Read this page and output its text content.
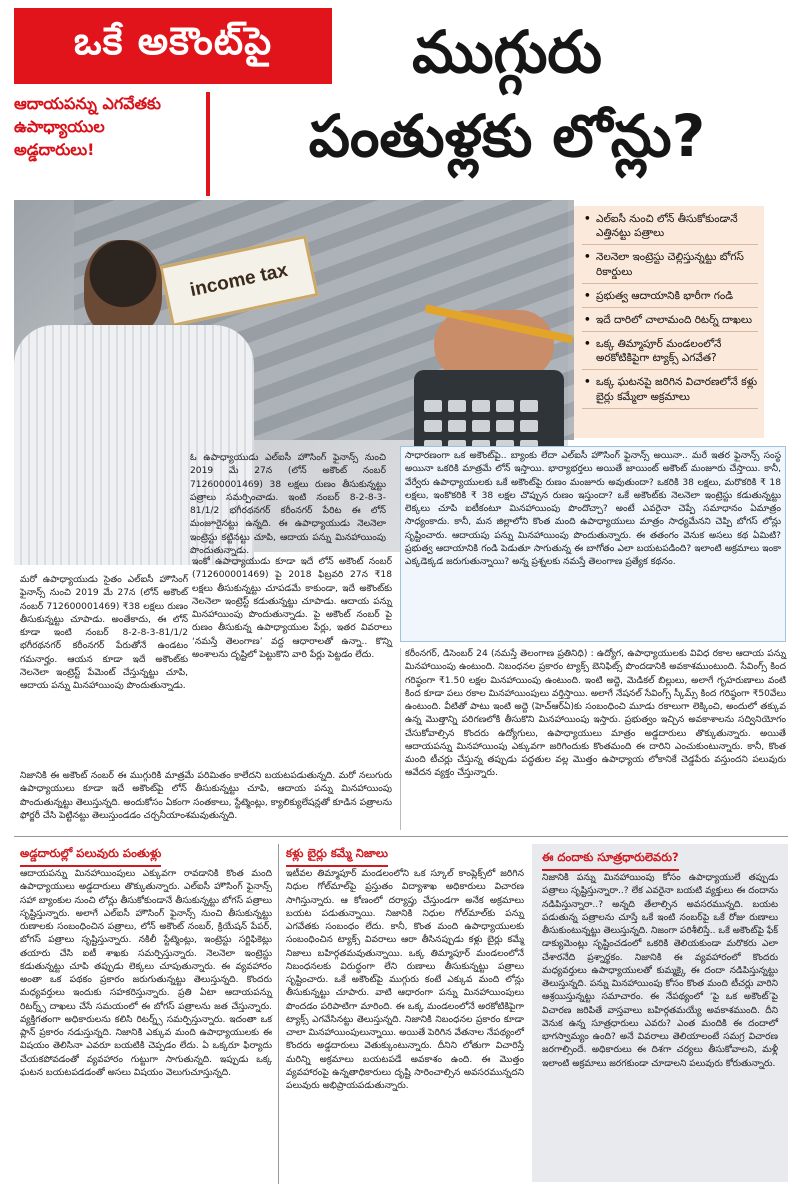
ఒకే అకౌంట్‌పై
ఆదాయపన్ను ఎగవేతకు
ఉపాధ్యాయుల
అడ్డదారులు!
ముగ్గురు
పంతుళ్లకు లోన్లు?
income tax
• ఎల్ఐసీ నుంచి లోన్ తీసుకోకుండానే ఎత్తినట్టు పత్రాలు
• నెలనెలా ఇంట్రెస్టు చెల్లిస్తున్నట్టు బోగస్ రికార్డులు
• ప్రభుత్వ ఆదాయానికి భారీగా గండి
• ఇదే దారిలో చాలామంది రిటర్న్ దాఖలు
• ఒక్క తిమ్మాపూర్ మండలంలోనే అరకోటికిపైగా ట్యాక్స్ ఎగవేత?
• ఒక్క ఘటనపై జరిగిన విచారణలోనే కళ్లు బైర్లు కమ్మేలా అక్రమాలు
ఓ ఉపాధ్యాయుడు ఎల్ఐసీ హౌసింగ్ ఫైనాన్స్ నుంచి 2019 మే 27న (లోన్ అకౌంట్ నంబర్ 712600001469) 38 లక్షలు రుణం తీసుకున్నట్టు పత్రాలు సమర్పించాడు. ఇంటి నంబర్ 8-2-8-3-81/1/2 భగీరథనగర్ కరీంనగర్ పేరిట ఈ లోన్ మంజూరైనట్టు ఉన్నది. ఈ ఉపాధ్యాయుడు నెలనెలా ఇంట్రెస్టు కట్టినట్టు చూపి, ఆదాయ పన్ను మినహాయింపు పొందుతున్నాడు.
మరో ఉపాధ్యాయుడు సైతం ఎల్ఐసీ హౌసింగ్ ఫైనాన్స్ నుంచి 2019 మే 27న (లోన్ అకౌంట్ నంబర్ 712600001469) ₹38 లక్షలు రుణం తీసుకున్నట్టు చూపాడు. అంతేకాదు, ఈ లోన్ కూడా ఇంటి నంబర్ 8-2-8-3-81/1/2 భగీరథనగర్ కరీంనగర్ పేరుతోనే ఉండటం గమనార్హం. ఆయన కూడా ఇదే అకౌంట్‌కు నెలనెలా ఇంట్రెస్ట్ పేమెంట్ చేస్తున్నట్టు చూపి, ఆదాయ పన్ను మినహాయింపు పొందుతున్నాడు.
ఇంకో ఉపాధ్యాయుడు కూడా ఇదే లోన్ అకౌంట్ నంబర్ (712600001469) పై 2018 ఫిబ్రవరి 27న ₹18 లక్షలు తీసుకున్నట్టు చూపడమే కాకుండా, ఇదే అకౌంట్‌కు నెలనెలా ఇంట్రెస్ట్ కడుతున్నట్టు చూపాడు. ఆదాయ పన్ను మినహాయింపు పొందుతున్నాడు. పై అకౌంట్ నంబర్ పై రుణం తీసుకున్న ఉపాధ్యాయుల పేర్లు, ఇతర వివరాలు ‘నమస్తే తెలంగాణ’ వద్ద ఆధారాలతో ఉన్నా.. కొన్ని అంశాలను దృష్టిలో పెట్టుకొని వారి పేర్లు పెట్టడం లేదు.
నిజానికి ఈ అకౌంట్ నంబర్ ఈ ముగ్గురికి మాత్రమే పరిమితం కాలేదని బయటపడుతున్నది. మరో నలుగురు ఉపాధ్యాయులు కూడా ఇదే అకౌంట్‌పై లోన్ తీసుకున్నట్టు చూపి, ఆదాయ పన్ను మినహాయింపు పొందుతున్నట్టు తెలుస్తున్నది. అందుకోసం ఏకంగా సంతకాలు, స్టేట్మెంట్లు, క్యాలిక్యులేషన్లతో కూడిన పత్రాలను ఫోర్జరీ చేసి పెట్టినట్టు తెలుస్తుండడం చర్చనీయాంశమవుతున్నది.
సాధారణంగా ఒక అకౌంట్‌పై.. బ్యాంకు లేదా ఎల్ఐసీ హౌసింగ్ ఫైనాన్స్ అయినా.. మరే ఇతర ఫైనాన్స్ సంస్థ అయినా ఒకరికి మాత్రమే లోన్ ఇస్తాయి. భార్యాభర్తలు అయితే జాయింట్ అకౌంట్ మంజూరు చేస్తాయి. కానీ, వేర్వేరు ఉపాధ్యాయులకు ఒకే అకౌంట్‌పై రుణం మంజూరు అవుతుందా? ఒకరికి 38 లక్షలు, మరొకరికి ₹ 18 లక్షలు, ఇంకొకరికి ₹ 38 లక్షల చొప్పున రుణం ఇస్తుందా? ఒకే అకౌంట్‌కు నెలనెలా ఇంట్రెస్టు కడుతున్నట్టు లెక్కలు చూపి ఐటీకంటూ మినహాయింపు పొందొచ్చా? అంటే ఎవరైనా చెప్పే సమాధానం ఏమాత్రం సాధ్యంకాదు. కానీ, మన జిల్లాలోని కొంత మంది ఉపాధ్యాయులు మాత్రం సాధ్యమేనని చెప్పి బోగస్ లోన్లు సృష్టించారు. ఆదాయపు పన్ను మినహాయింపు పొందుతున్నారు. ఈ తతంగం వెనుక అసలు కథ ఏమిటి? ప్రభుత్వ ఆదాయానికి గండి పెడుతూ సాగుతున్న ఈ బాగోతం ఎలా బయటపడింది? ఇలాంటి అక్రమాలు ఇంకా ఎక్కడెక్కడ జరుగుతున్నాయి? అన్న ప్రశ్నలకు నమస్తే తెలంగాణ ప్రత్యేక కథనం.
కరీంనగర్, డిసెంబర్ 24 (నమస్తే తెలంగాణ ప్రతినిధి) : ఉద్యోగ, ఉపాధ్యాయులకు వివిధ రకాల ఆదాయ పన్ను మినహాయింపు ఉంటుంది. నిబంధనల ప్రకారం ట్యాక్స్ బెనిఫిట్స్ పొందడానికి అవకాశముంటుంది. సేవింగ్స్ కింద గరిష్ఠంగా ₹1.50 లక్షల మినహాయింపు ఉంటుంది. ఇంటి అద్దె, మెడికల్ బిల్లులు, అలాగే గృహరుణాలు వంటి కింద కూడా పలు రకాల మినహాయింపులు వర్తిస్తాయి. అలాగే నేషనల్ సేవింగ్స్ స్కీమ్స్ కింద గరిష్ఠంగా ₹50వేలు ఉంటుంది. వీటితో పాటు ఇంటి అద్దె (హెచ్ఆర్ఏ)కు సంబంధించి మూడు రకాలుగా లెక్కించి, అందులో తక్కువ ఉన్న మొత్తాన్ని పరిగణలోకి తీసుకొని మినహాయింపు ఇస్తారు. ప్రభుత్వం ఇచ్చిన అవకాశాలను సద్వినియోగం చేసుకోవాల్సిన కొందరు ఉద్యోగులు, ఉపాధ్యాయులు మాత్రం అడ్డదారులు తొక్కుతున్నారు. అయితే ఆదాయపన్ను మినహాయింపు ఎక్కువగా జరిగిందుకు కొంతమంది ఈ దారిని ఎంచుకుంటున్నారు. కానీ, కొంత మంది టీచర్లు చేస్తున్న తప్పుడు పద్ధతుల వల్ల మొత్తం ఉపాధ్యాయ లోకానికే చెడ్డపేరు వస్తుందని పలువురు ఆవేదన వ్యక్తం చేస్తున్నారు.
అడ్డదారుల్లో పలువురు పంతుళ్లు
ఆదాయపన్ను మినహాయింపులు ఎక్కువగా రావడానికి కొంత మంది ఉపాధ్యాయులు అడ్డదారులు తొక్కుతున్నారు. ఎల్ఐసీ హౌసింగ్ ఫైనాన్స్ సహా బ్యాంకుల నుంచి లోన్లు తీసుకోకుండానే తీసుకున్నట్టు బోగస్ పత్రాలు సృష్టిస్తున్నారు. అలాగే ఎల్ఐసీ హౌసింగ్ ఫైనాన్స్ నుంచి తీసుకున్నట్టు రుణాలకు సంబంధించిన పత్రాలు, లోన్ అకౌంట్ నంబర్, క్రియేషన్ పేపర్, బోగస్ పత్రాలు సృష్టిస్తున్నారు. నకిలీ స్టేట్మెంట్లు, ఇంట్రెస్టు సర్టిఫికెట్లు తయారు చేసి ఐటీ శాఖకు సమర్పిస్తున్నారు. నెలనెలా ఇంట్రెస్టు కడుతున్నట్టు చూపి తప్పుడు లెక్కలు చూపుతున్నారు. ఈ వ్యవహారం అంతా ఒక పథకం ప్రకారం జరుగుతున్నట్టు తెలుస్తున్నది. కొందరు మధ్యవర్తులు ఇందుకు సహకరిస్తున్నారు. ప్రతి ఏటా ఆదాయపన్ను రిటర్న్స్ దాఖలు చేసే సమయంలో ఈ బోగస్ పత్రాలను జత చేస్తున్నారు. వ్యక్తిగతంగా అధికారులను కలిసి రిటర్న్స్ సమర్పిస్తున్నారు. ఇదంతా ఒక ప్లాన్ ప్రకారం నడుస్తున్నది. నిజానికి ఎక్కువ మంది ఉపాధ్యాయులకు ఈ విషయం తెలిసినా ఎవరూ బయటికి చెప్పడం లేదు. ఏ ఒక్కరూ ఫిర్యాదు చేయకపోవడంతో వ్యవహారం గుట్టుగా సాగుతున్నది. ఇప్పుడు ఒక్క ఘటన బయటపడడంతో అసలు విషయం వెలుగుచూస్తున్నది.
కళ్లు బైర్లు కమ్మే నిజాలు
ఇటీవల తిమ్మాపూర్ మండలంలోని ఒక స్కూల్ కాంప్లెక్స్‌లో జరిగిన నిధుల గోల్‌మాల్‌పై ప్రస్తుతం విద్యాశాఖ అధికారులు విచారణ సాగిస్తున్నారు. ఆ కోణంలో దర్యాప్తు చేస్తుండగా అనేక అక్రమాలు బయట పడుతున్నాయి. నిజానికి నిధుల గోల్‌మాల్‌కు పన్ను ఎగవేతకు సంబంధం లేదు. కానీ, కొంత మంది ఉపాధ్యాయులకు సంబంధించిన ట్యాక్స్ వివరాలు ఆరా తీసినప్పుడు కళ్లు బైర్లు కమ్మే నిజాలు బహిర్గతమవుతున్నాయి. ఒక్క తిమ్మాపూర్ మండలంలోనే నిబంధనలకు విరుద్ధంగా లేని రుణాలు తీసుకున్నట్టు పత్రాలు సృష్టించారు. ఒకే అకౌంట్‌పై ముగ్గురు కంటే ఎక్కువ మంది లోన్లు తీసుకున్నట్టు చూపారు. వాటి ఆధారంగా పన్ను మినహాయింపులు పొందడం పరిపాటిగా మారింది. ఈ ఒక్క మండలంలోనే అరకోటికిపైగా ట్యాక్స్ ఎగవేసినట్టు తెలుస్తున్నది. నిజానికి నిబంధనల ప్రకారం కూడా చాలా మినహాయింపులున్నాయి. అయితే పెరిగిన వేతనాల నేపథ్యంలో కొందరు అడ్డదారులు వెతుక్కుంటున్నారు. దీనిని లోతుగా విచారిస్తే మరిన్ని అక్రమాలు బయటపడే అవకాశం ఉంది. ఈ మొత్తం వ్యవహారంపై ఉన్నతాధికారులు దృష్టి సారించాల్సిన అవసరమున్నదని పలువురు అభిప్రాయపడుతున్నారు.
ఈ దందాకు సూత్రధారులెవరు?
నిజానికి పన్ను మినహాయింపు కోసం ఉపాధ్యాయులే తప్పుడు పత్రాలు సృష్టిస్తున్నారా..? లేక ఎవరైనా బయటి వ్యక్తులు ఈ దందాను నడిపిస్తున్నారా..? అన్నది తేలాల్సిన అవసరమున్నది. బయట పడుతున్న పత్రాలను చూస్తే ఒకే ఇంటి నంబర్‌పై ఒకే రోజు రుణాలు తీసుకుంటున్నట్టు తెలుస్తున్నది. నిజంగా పరిశీలిస్తే.. ఒకే అకౌంట్‌పై ఫేక్ డాక్యుమెంట్లు సృష్టించడంలో ఒకరికి తెలియకుండా మరొకరు ఎలా చేశారనేది ప్రశ్నార్థకం. నిజానికి ఈ వ్యవహారంలో కొందరు మధ్యవర్తులు ఉపాధ్యాయులతో కుమ్మక్కై ఈ దందా నడిపిస్తున్నట్టు తెలుస్తున్నది. పన్ను మినహాయింపు కోసం కొంత మంది టీచర్లు వారిని ఆశ్రయిస్తున్నట్టు సమాచారం. ఈ నేపథ్యంలో ‘పై ఒక అకౌంట్’పై విచారణ జరిపితే వాస్తవాలు బహిర్గతమయ్యే అవకాశముంది. దీని వెనుక ఉన్న సూత్రధారులు ఎవరు? ఎంత మందికి ఈ దందాలో భాగస్వామ్యం ఉంది? అనే వివరాలు తెలియాలంటే సమగ్ర విచారణ జరగాల్సిందే. అధికారులు ఈ దిశగా చర్యలు తీసుకోవాలని, మళ్లీ ఇలాంటి అక్రమాలు జరగకుండా చూడాలని పలువురు కోరుతున్నారు.
